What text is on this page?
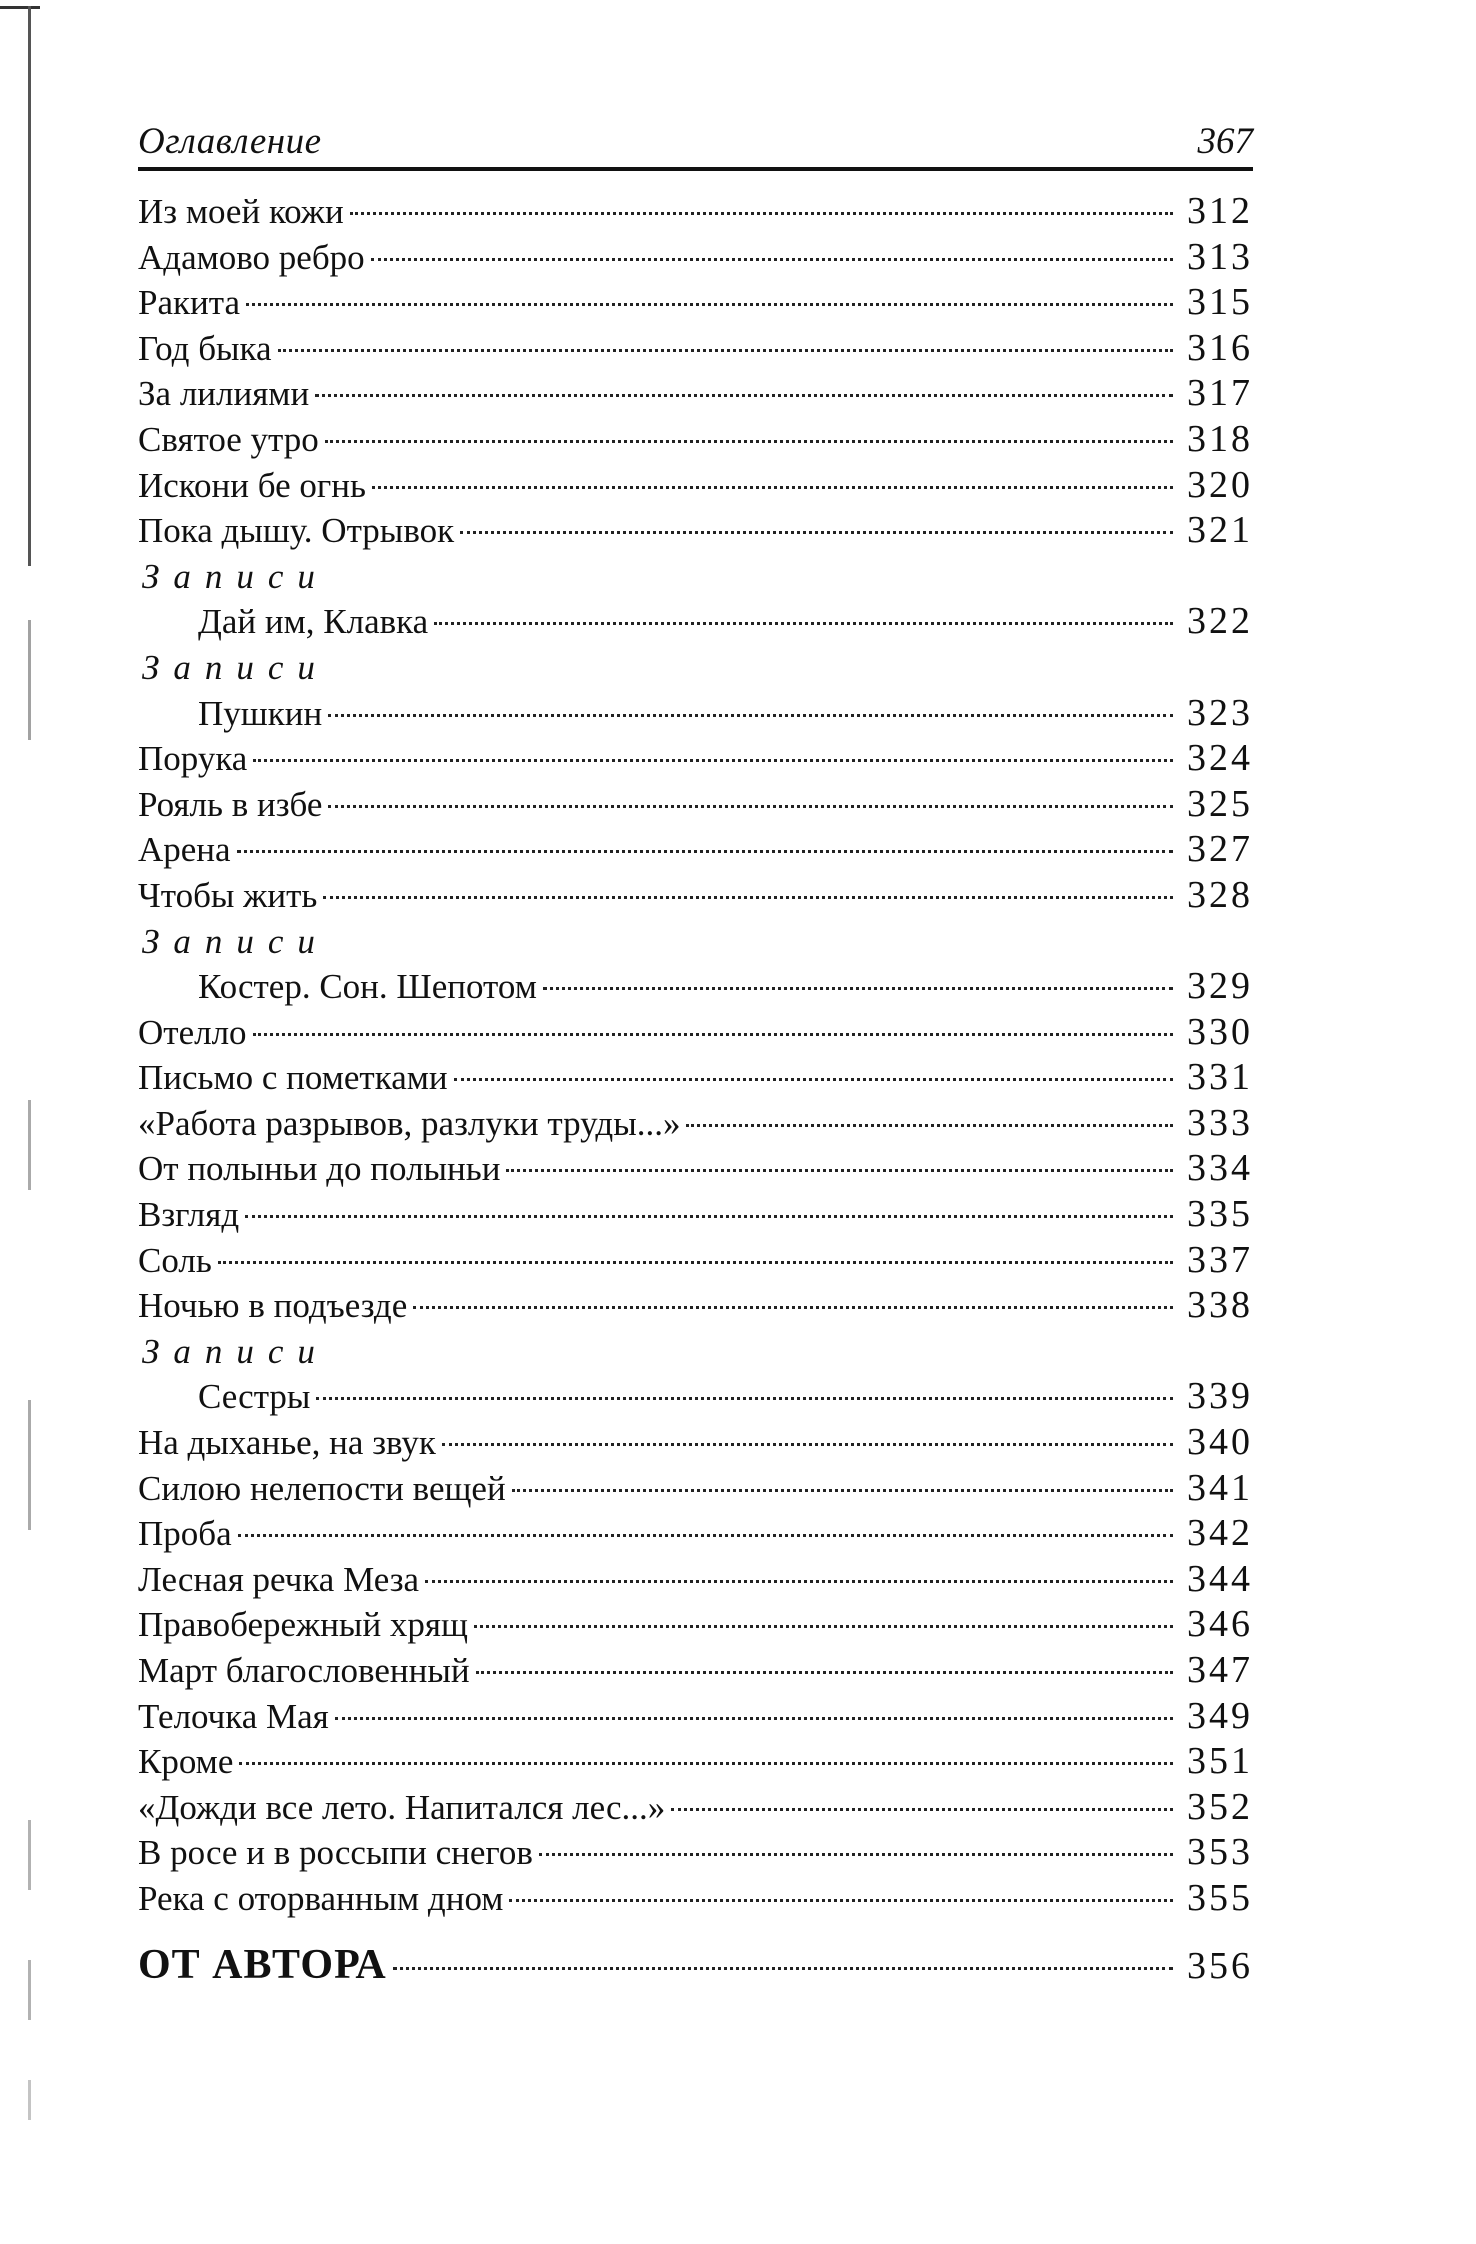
Оглавление	367
Из моей кожи	312
Адамово ребро	313
Ракита	315
Год быка	316
За лилиями	317
Святое утро	318
Искони бе огнь	320
Пока дышу. Отрывок	321
Записи
Дай им, Клавка	322
Записи
Пушкин	323
Порука	324
Рояль в избе	325
Арена	327
Чтобы жить	328
Записи
Костер. Сон. Шепотом	329
Отелло	330
Письмо с пометками	331
«Работа разрывов, разлуки труды...»	333
От полыньи до полыньи	334
Взгляд	335
Соль	337
Ночью в подъезде	338
Записи
Сестры	339
На дыханье, на звук	340
Силою нелепости вещей	341
Проба	342
Лесная речка Меза	344
Правобережный хрящ	346
Март благословенный	347
Телочка Мая	349
Кроме	351
«Дожди все лето. Напитался лес...»	352
В росе и в россыпи снегов	353
Река с оторванным дном	355
ОТ АВТОРА	356
